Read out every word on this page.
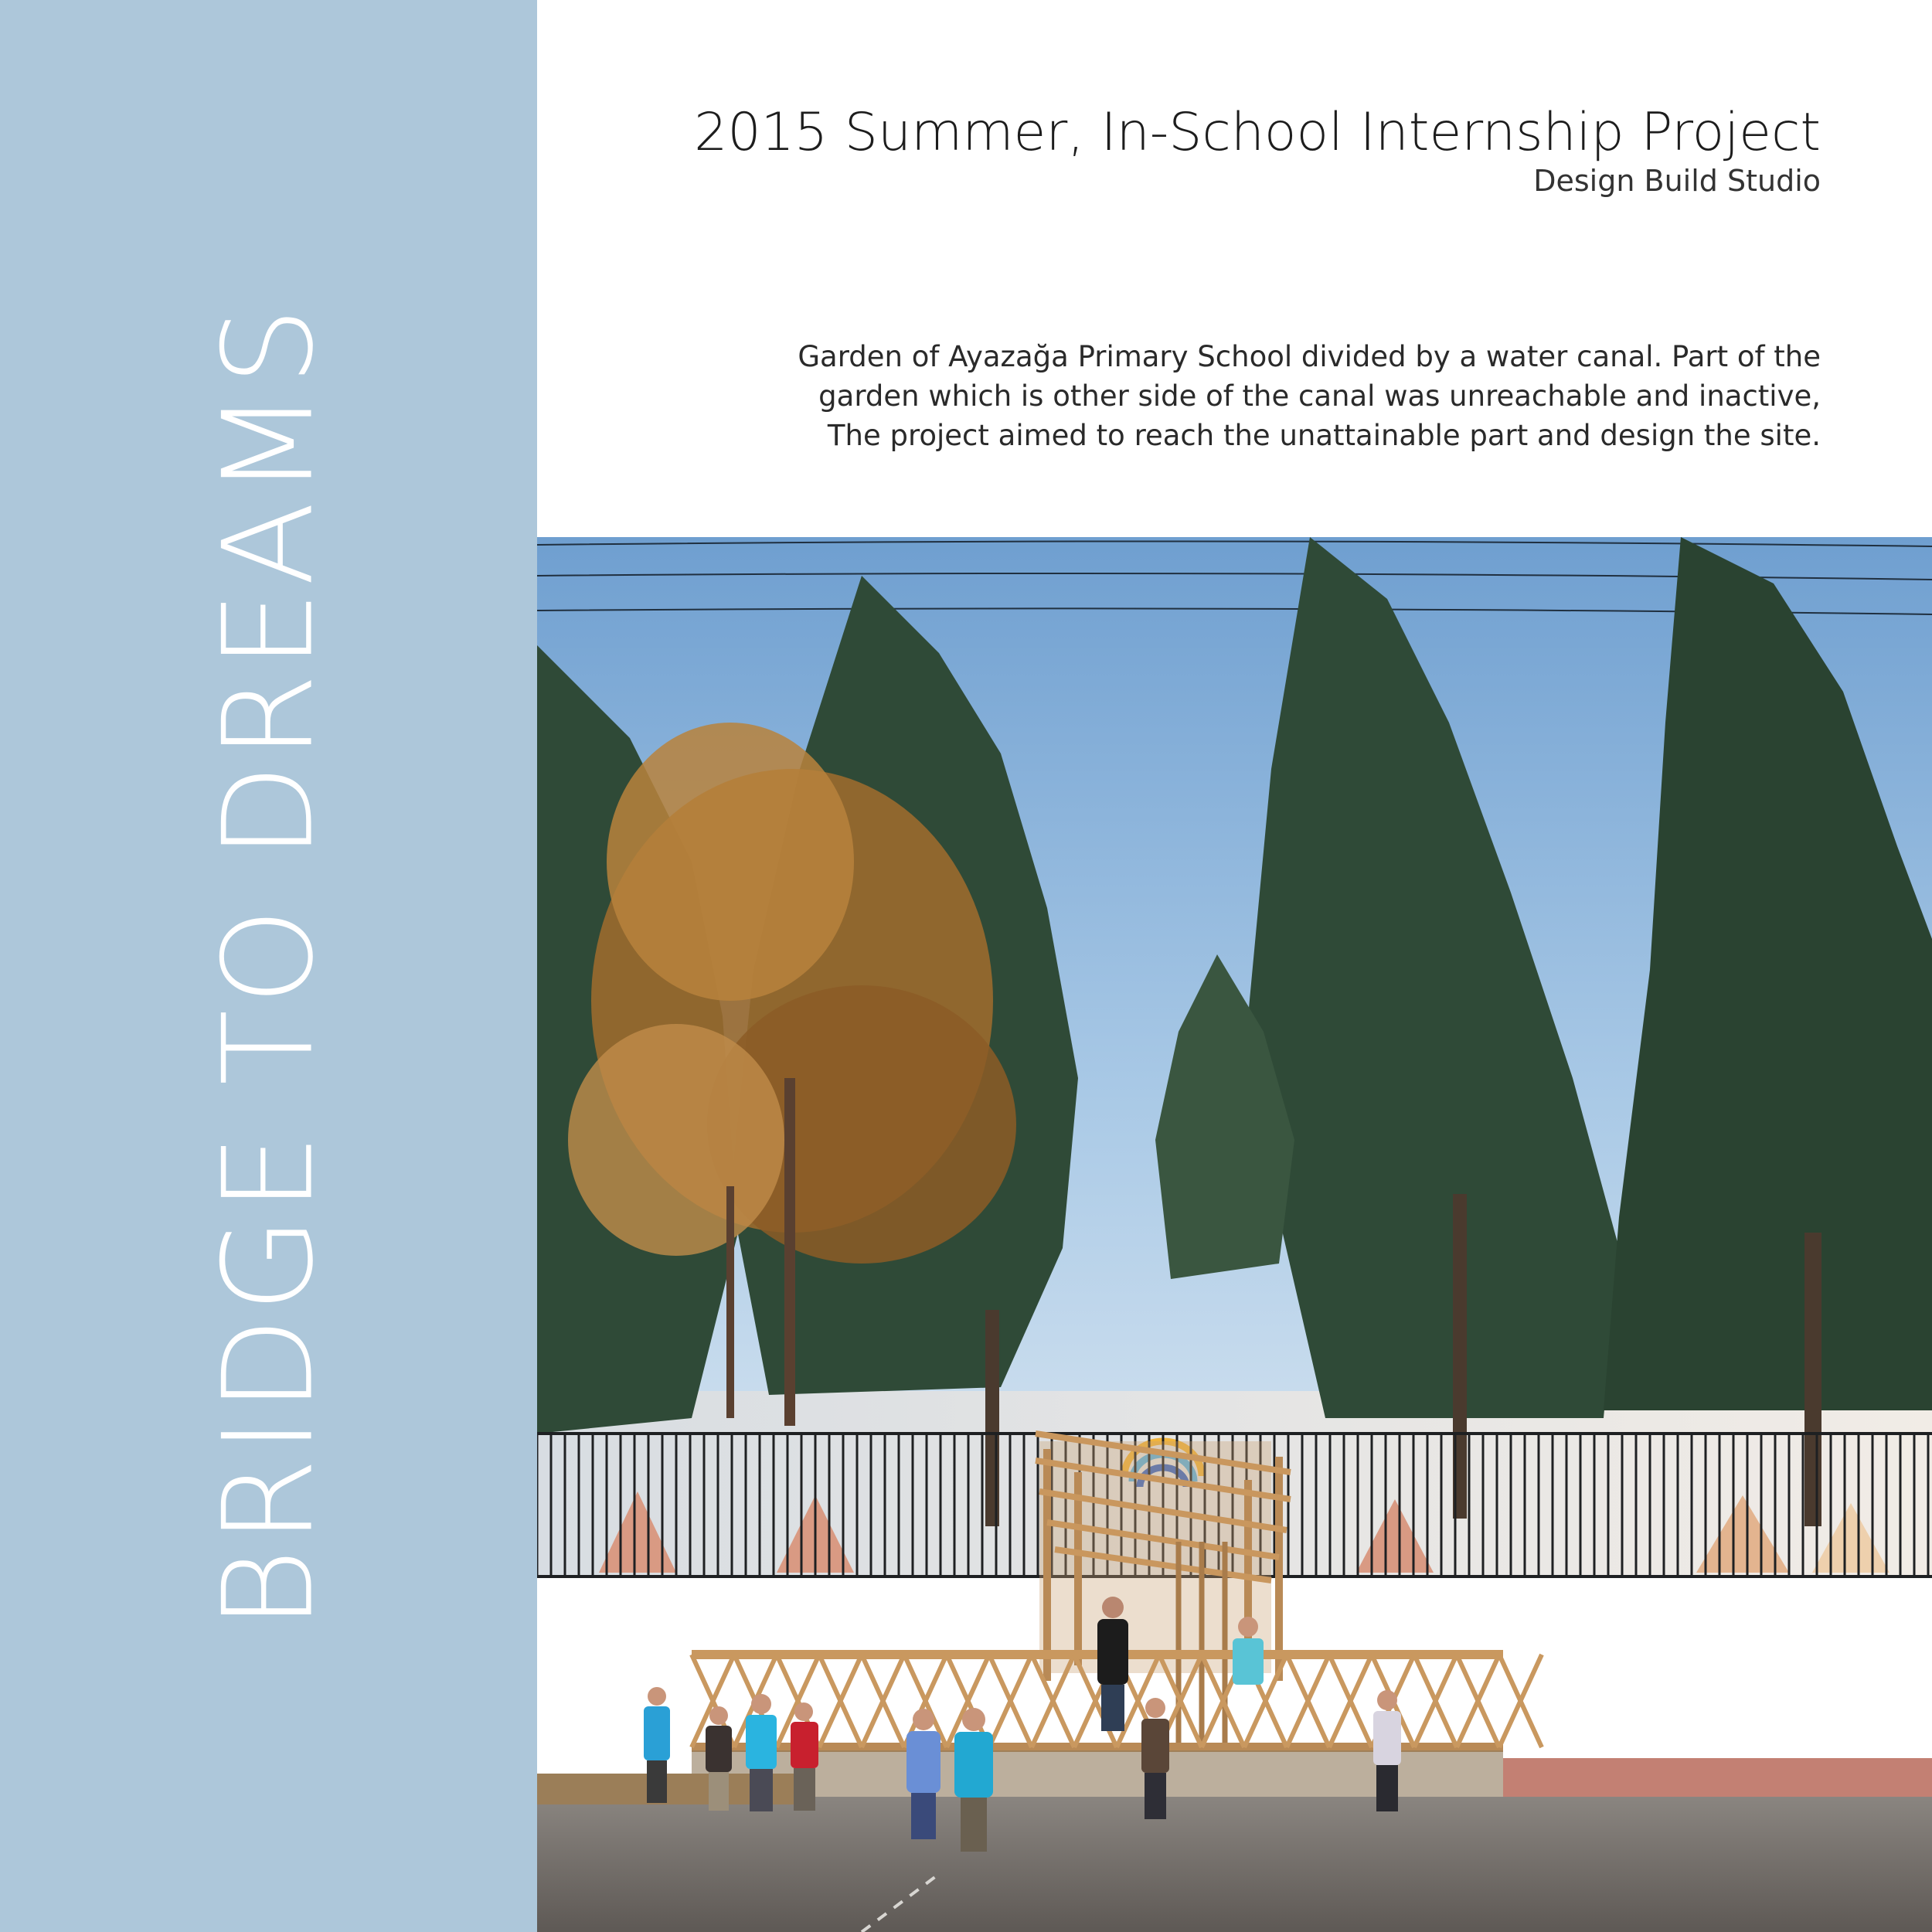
BRIDGE TO DREAMS
2015 Summer, In-School Internship Project
Design Build Studio
Garden of Ayazağa Primary School divided by a water canal. Part of the
garden which is other side of the canal was unreachable and inactive,
The project aimed to reach the unattainable part and design the site.
